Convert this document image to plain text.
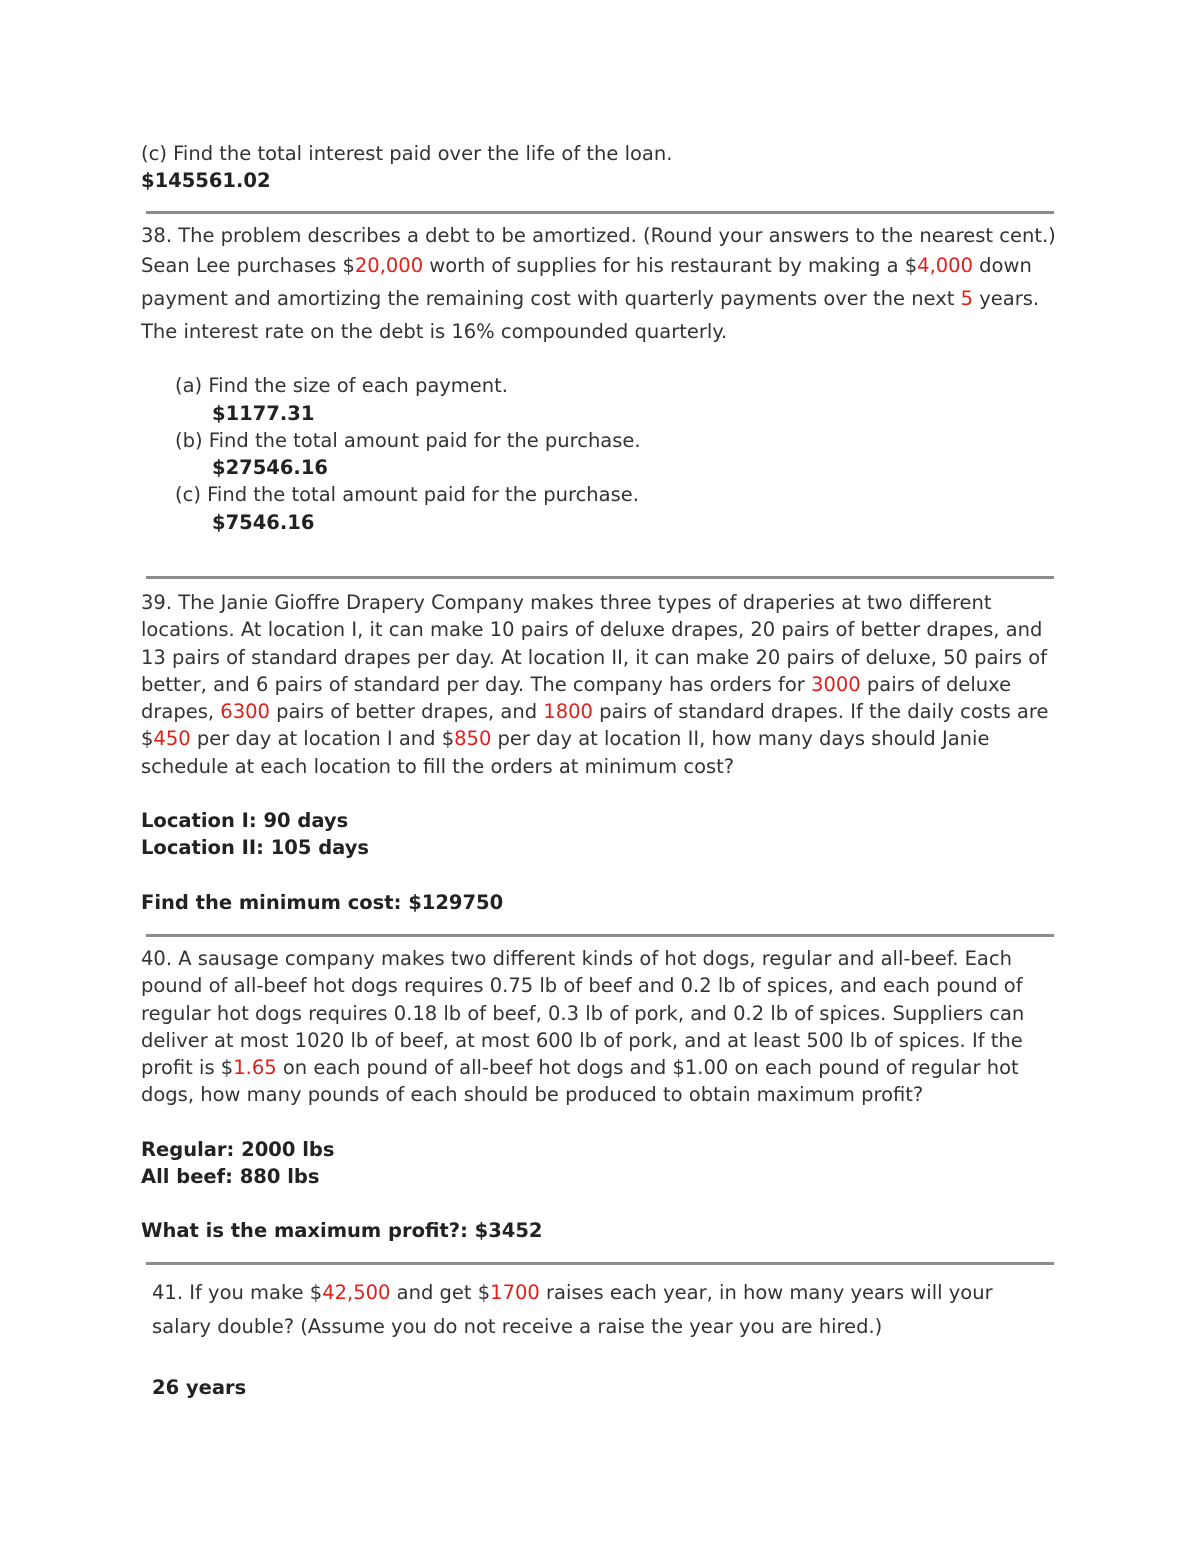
(c) Find the total interest paid over the life of the loan.

$145561.02

38. The problem describes a debt to be amortized. (Round your answers to the nearest cent.)

Sean Lee purchases $20,000 worth of supplies for his restaurant by making a $4,000 down payment and amortizing the remaining cost with quarterly payments over the next 5 years. The interest rate on the debt is 16% compounded quarterly.

(a) Find the size of each payment.

$1177.31

(b) Find the total amount paid for the purchase.

$27546.16

(c) Find the total amount paid for the purchase.

$7546.16

39. The Janie Gioffre Drapery Company makes three types of draperies at two different locations. At location I, it can make 10 pairs of deluxe drapes, 20 pairs of better drapes, and 13 pairs of standard drapes per day. At location II, it can make 20 pairs of deluxe, 50 pairs of better, and 6 pairs of standard per day. The company has orders for 3000 pairs of deluxe drapes, 6300 pairs of better drapes, and 1800 pairs of standard drapes. If the daily costs are $450 per day at location I and $850 per day at location II, how many days should Janie schedule at each location to fill the orders at minimum cost?

Location I: 90 days

Location II: 105 days

Find the minimum cost: $129750

40. A sausage company makes two different kinds of hot dogs, regular and all-beef. Each pound of all-beef hot dogs requires 0.75 lb of beef and 0.2 lb of spices, and each pound of regular hot dogs requires 0.18 lb of beef, 0.3 lb of pork, and 0.2 lb of spices. Suppliers can deliver at most 1020 lb of beef, at most 600 lb of pork, and at least 500 lb of spices. If the profit is $1.65 on each pound of all-beef hot dogs and $1.00 on each pound of regular hot dogs, how many pounds of each should be produced to obtain maximum profit?

Regular: 2000 lbs

All beef: 880 lbs

What is the maximum profit?: $3452

41. If you make $42,500 and get $1700 raises each year, in how many years will your salary double? (Assume you do not receive a raise the year you are hired.)

26 years
